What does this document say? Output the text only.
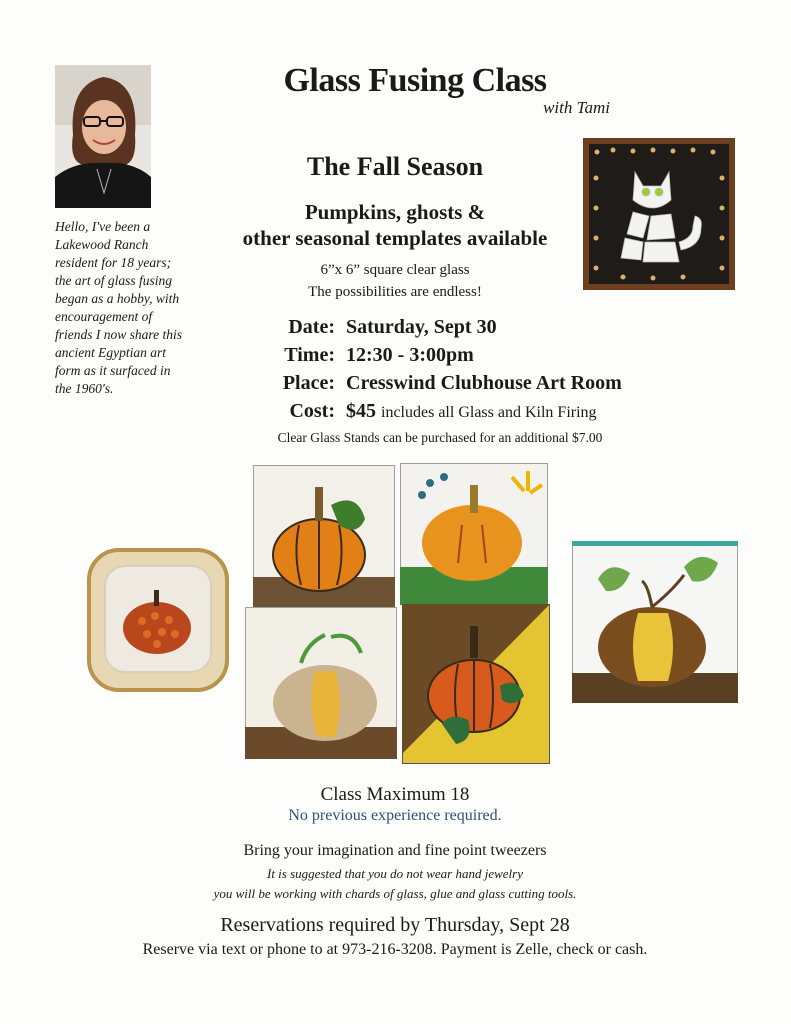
Glass Fusing Class
with Tami
Hello, I've been a Lakewood Ranch resident for 18 years; the art of glass fusing began as a hobby, with encouragement of friends I now share this ancient Egyptian art form as it surfaced in the 1960's.
The Fall Season
Pumpkins, ghosts &
other seasonal templates available
6”x 6” square clear glass
The possibilities are endless!
Date: Saturday, Sept 30
Time: 12:30 - 3:00pm
Place: Cresswind Clubhouse Art Room
Cost: $45 includes all Glass and Kiln Firing
Clear Glass Stands can be purchased for an additional $7.00
Class Maximum 18
No previous experience required.
Bring your imagination and fine point tweezers
It is suggested that you do not wear hand jewelry
you will be working with chards of glass, glue and glass cutting tools.
Reservations required by Thursday, Sept 28
Reserve via text or phone to at 973-216-3208. Payment is Zelle, check or cash.
